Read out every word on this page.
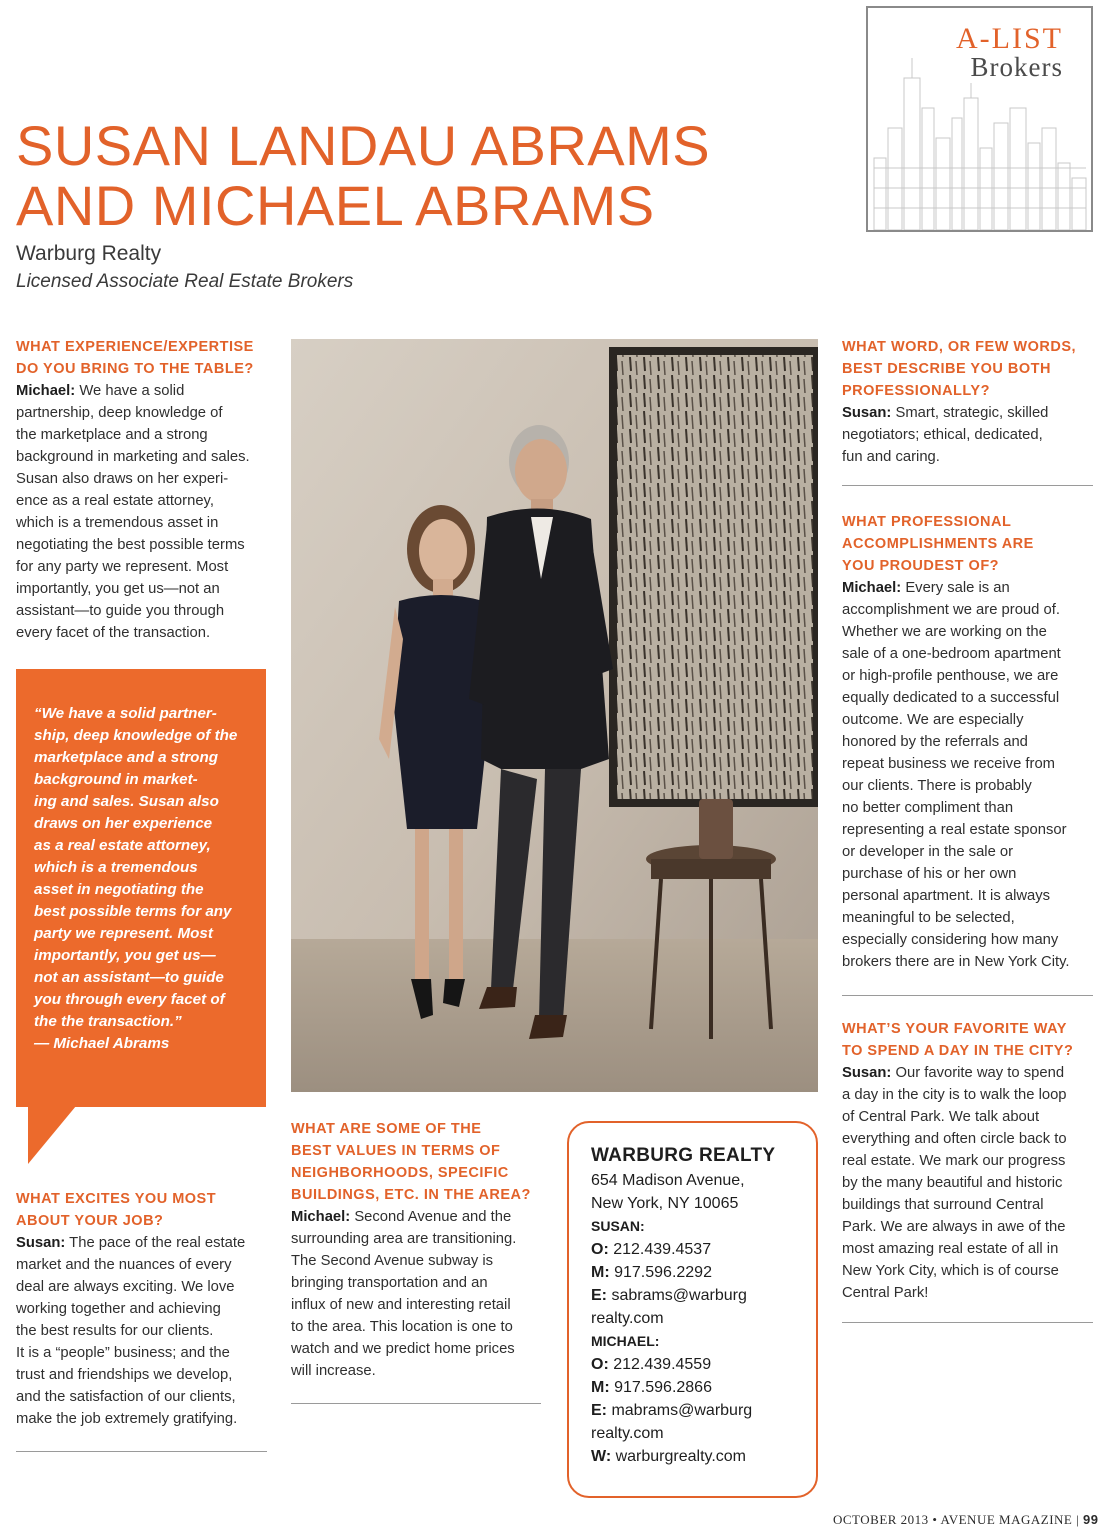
A-LIST
Brokers
SUSAN LANDAU ABRAMS
AND MICHAEL ABRAMS
Warburg Realty
Licensed Associate Real Estate Brokers
WHAT EXPERIENCE/EXPERTISE
DO YOU BRING TO THE TABLE?
Michael: We have a solid
partnership, deep knowledge of
the marketplace and a strong
background in marketing and sales.
Susan also draws on her experi-
ence as a real estate attorney,
which is a tremendous asset in
negotiating the best possible terms
for any party we represent. Most
importantly, you get us—not an
assistant—to guide you through
every facet of the transaction.
“We have a solid partner-
ship, deep knowledge of the
marketplace and a strong
background in market-
ing and sales. Susan also
draws on her experience
as a real estate attorney,
which is a tremendous
asset in negotiating the
best possible terms for any
party we represent. Most
importantly, you get us—
not an assistant—to guide
you through every facet of
the the transaction.”
— Michael Abrams
WHAT EXCITES YOU MOST
ABOUT YOUR JOB?
Susan: The pace of the real estate
market and the nuances of every
deal are always exciting. We love
working together and achieving
the best results for our clients.
It is a “people” business; and the
trust and friendships we develop,
and the satisfaction of our clients,
make the job extremely gratifying.
WHAT ARE SOME OF THE
BEST VALUES IN TERMS OF
NEIGHBORHOODS, SPECIFIC
BUILDINGS, ETC. IN THE AREA?
Michael: Second Avenue and the
surrounding area are transitioning.
The Second Avenue subway is
bringing transportation and an
influx of new and interesting retail
to the area. This location is one to
watch and we predict home prices
will increase.
WARBURG REALTY
654 Madison Avenue,
New York, NY 10065
SUSAN:
O: 212.439.4537
M: 917.596.2292
E: sabrams@warburg
realty.com
MICHAEL:
O: 212.439.4559
M: 917.596.2866
E: mabrams@warburg
realty.com
W: warburgrealty.com
WHAT WORD, OR FEW WORDS,
BEST DESCRIBE YOU BOTH
PROFESSIONALLY?
Susan: Smart, strategic, skilled
negotiators; ethical, dedicated,
fun and caring.
WHAT PROFESSIONAL
ACCOMPLISHMENTS ARE
YOU PROUDEST OF?
Michael: Every sale is an
accomplishment we are proud of.
Whether we are working on the
sale of a one-bedroom apartment
or high-profile penthouse, we are
equally dedicated to a successful
outcome. We are especially
honored by the referrals and
repeat business we receive from
our clients. There is probably
no better compliment than
representing a real estate sponsor
or developer in the sale or
purchase of his or her own
personal apartment. It is always
meaningful to be selected,
especially considering how many
brokers there are in New York City.
WHAT’S YOUR FAVORITE WAY
TO SPEND A DAY IN THE CITY?
Susan: Our favorite way to spend
a day in the city is to walk the loop
of Central Park. We talk about
everything and often circle back to
real estate. We mark our progress
by the many beautiful and historic
buildings that surround Central
Park. We are always in awe of the
most amazing real estate of all in
New York City, which is of course
Central Park!
OCTOBER 2013 • AVENUE MAGAZINE | 99
